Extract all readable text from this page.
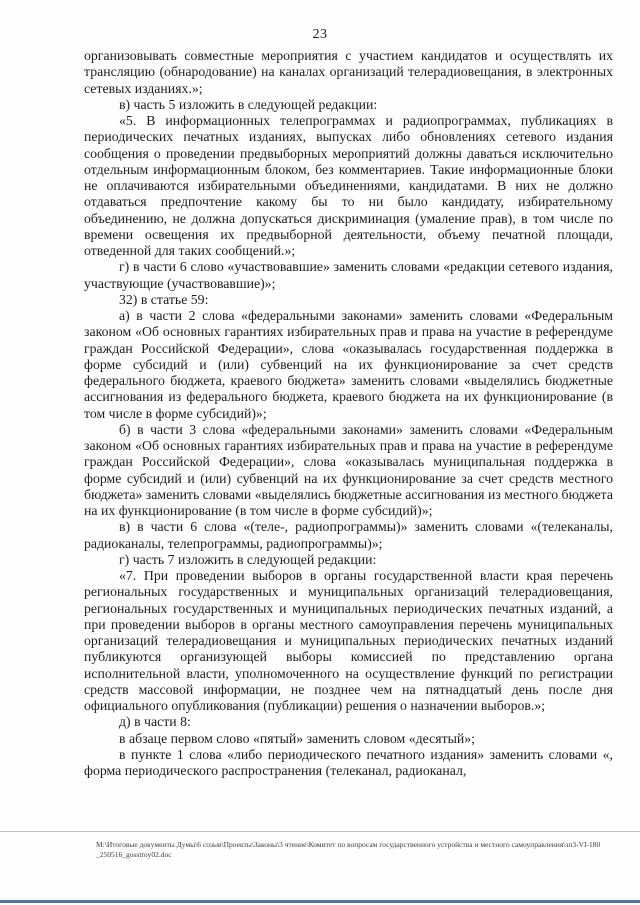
23

организовывать совместные мероприятия с участием кандидатов и осуществлять их трансляцию (обнародование) на каналах организаций телерадиовещания, в электронных сетевых изданиях.»;

в) часть 5 изложить в следующей редакции:

«5. В информационных телепрограммах и радиопрограммах, публикациях в периодических печатных изданиях, выпусках либо обновлениях сетевого издания сообщения о проведении предвыборных мероприятий должны даваться исключительно отдельным информационным блоком, без комментариев. Такие информационные блоки не оплачиваются избирательными объединениями, кандидатами. В них не должно отдаваться предпочтение какому бы то ни было кандидату, избирательному объединению, не должна допускаться дискриминация (умаление прав), в том числе по времени освещения их предвыборной деятельности, объему печатной площади, отведенной для таких сообщений.»;

г) в части 6 слово «участвовавшие» заменить словами «редакции сетевого издания, участвующие (участвовавшие)»;

32) в статье 59:

а) в части 2 слова «федеральными законами» заменить словами «Федеральным законом «Об основных гарантиях избирательных прав и права на участие в референдуме граждан Российской Федерации», слова «оказывалась государственная поддержка в форме субсидий и (или) субвенций на их функционирование за счет средств федерального бюджета, краевого бюджета» заменить словами «выделялись бюджетные ассигнования из федерального бюджета, краевого бюджета на их функционирование (в том числе в форме субсидий)»;

б) в части 3 слова «федеральными законами» заменить словами «Федеральным законом «Об основных гарантиях избирательных прав и права на участие в референдуме граждан Российской Федерации», слова «оказывалась муниципальная поддержка в форме субсидий и (или) субвенций на их функционирование за счет средств местного бюджета» заменить словами «выделялись бюджетные ассигнования из местного бюджета на их функционирование (в том числе в форме субсидий)»;

в) в части 6 слова «(теле-, радиопрограммы)» заменить словами «(телеканалы, радиоканалы, телепрограммы, радиопрограммы)»;

г) часть 7 изложить в следующей редакции:

«7. При проведении выборов в органы государственной власти края перечень региональных государственных и муниципальных организаций телерадиовещания, региональных государственных и муниципальных периодических печатных изданий, а при проведении выборов в органы местного самоуправления перечень муниципальных организаций телерадиовещания и муниципальных периодических печатных изданий публикуются организующей выборы комиссией по представлению органа исполнительной власти, уполномоченного на осуществление функций по регистрации средств массовой информации, не позднее чем на пятнадцатый день после дня официального опубликования (публикации) решения о назначении выборов.»;

д) в части 8:

в абзаце первом слово «пятый» заменить словом «десятый»;

в пункте 1 слова «либо периодического печатного издания» заменить словами «, форма периодического распространения (телеканал, радиоканал,

М:\Итоговые документы Думы\6 созыв\Проекты\Законы\3 чтение\Комитет по вопросам государственного устройства и местного самоуправления\зп3-VI-180_250516_gosstroy02.doc
